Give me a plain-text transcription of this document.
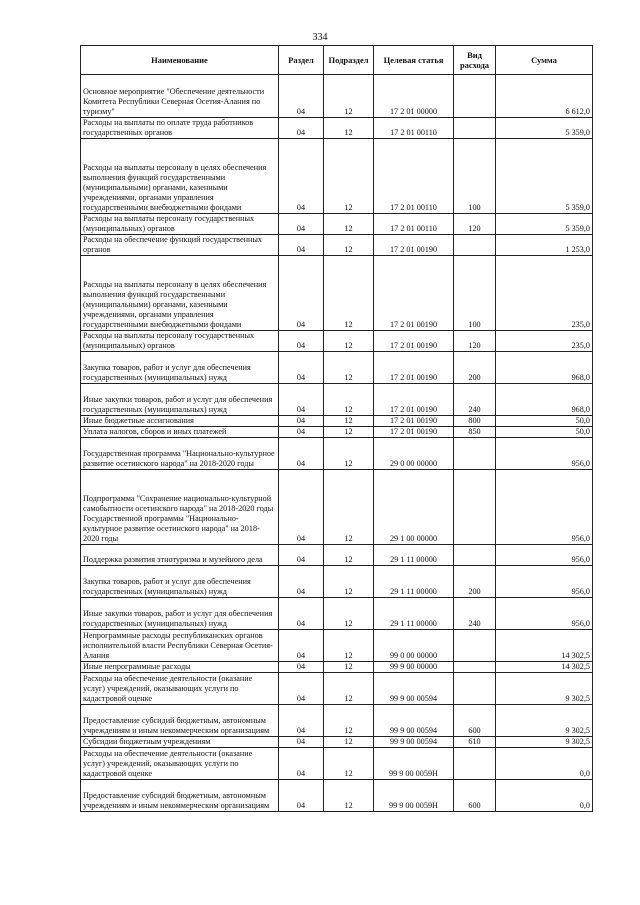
334
Наименование	Раздел	Подраздел	Целевая статья	Вид расхода	Сумма
Основное мероприятие "Обеспечение деятельности Комитета Республики Северная Осетия-Алания по туризму"	04	12	17 2 01 00000		6 612,0
Расходы на выплаты по оплате труда работников государственных органов	04	12	17 2 01 00110		5 359,0
Расходы на выплаты персоналу в целях обеспечения выполнения функций государственными (муниципальными) органами, казенными учреждениями, органами управления государственными внебюджетными фондами	04	12	17 2 01 00110	100	5 359,0
Расходы на выплаты персоналу государственных (муниципальных) органов	04	12	17 2 01 00110	120	5 359,0
Расходы на обеспечение функций государственных органов	04	12	17 2 01 00190		1 253,0
Расходы на выплаты персоналу в целях обеспечения выполнения функций государственными (муниципальными) органами, казенными учреждениями, органами управления государственными внебюджетными фондами	04	12	17 2 01 00190	100	235,0
Расходы на выплаты персоналу государственных (муниципальных) органов	04	12	17 2 01 00190	120	235,0
Закупка товаров, работ и услуг для обеспечения государственных (муниципальных) нужд	04	12	17 2 01 00190	200	968,0
Иные закупки товаров, работ и услуг для обеспечения государственных (муниципальных) нужд	04	12	17 2 01 00190	240	968,0
Иные бюджетные ассигнования	04	12	17 2 01 00190	800	50,0
Уплата налогов, сборов и иных платежей	04	12	17 2 01 00190	850	50,0
Государственная программа "Национально-культурное развитие осетинского народа" на 2018-2020 годы	04	12	29 0 00 00000		956,0
Подпрограмма "Сохранение национально-культурной самобытности осетинского народа" на 2018-2020 годы Государственной программы "Национально-культурное развитие осетинского народа" на 2018-2020 годы	04	12	29 1 00 00000		956,0
Поддержка развития этнотуризма и музейного дела	04	12	29 1 11 00000		956,0
Закупка товаров, работ и услуг для обеспечения государственных (муниципальных) нужд	04	12	29 1 11 00000	200	956,0
Иные закупки товаров, работ и услуг для обеспечения государственных (муниципальных) нужд	04	12	29 1 11 00000	240	956,0
Непрограммные расходы республиканских органов исполнительной власти Республики Северная Осетия-Алания	04	12	99 0 00 00000		14 302,5
Иные непрограммные расходы	04	12	99 9 00 00000		14 302,5
Расходы на обеспечение деятельности (оказание услуг) учреждений, оказывающих услуги по кадастровой оценке	04	12	99 9 00 00594		9 302,5
Предоставление субсидий бюджетным, автономным учреждениям и иным некоммерческим организациям	04	12	99 9 00 00594	600	9 302,5
Субсидии бюджетным учреждениям	04	12	99 9 00 00594	610	9 302,5
Расходы на обеспечение деятельности (оказание услуг) учреждений, оказывающих услуги по кадастровой оценке	04	12	99 9 00 0059Н		0,0
Предоставление субсидий бюджетным, автономным учреждениям и иным некоммерческим организациям	04	12	99 9 00 0059Н	600	0,0
